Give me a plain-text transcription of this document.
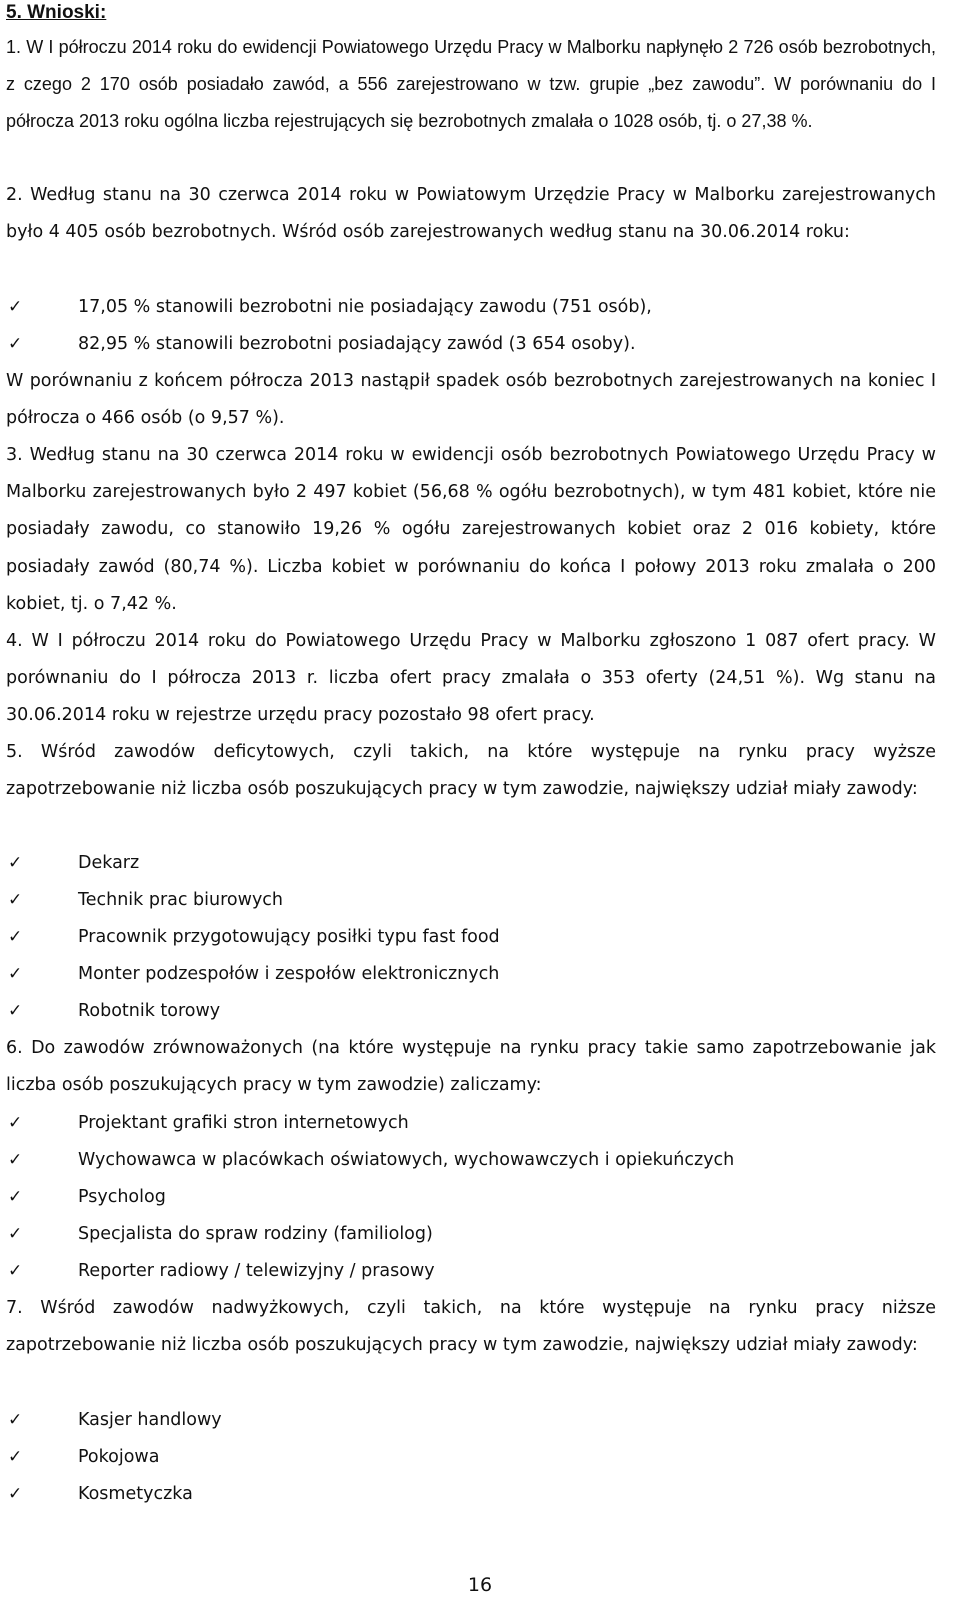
5. Wnioski:

1. W I półroczu 2014 roku do ewidencji Powiatowego Urzędu Pracy w Malborku napłynęło 2 726 osób bezrobotnych, z czego 2 170 osób posiadało zawód, a 556 zarejestrowano w tzw. grupie „bez zawodu”. W porównaniu do I półrocza 2013 roku ogólna liczba rejestrujących się bezrobotnych zmalała o 1028 osób, tj. o 27,38 %.

2. Według stanu na 30 czerwca 2014 roku w Powiatowym Urzędzie Pracy w Malborku zarejestrowanych było 4 405 osób bezrobotnych. Wśród osób zarejestrowanych według stanu na 30.06.2014 roku:

✓	17,05 % stanowili bezrobotni nie posiadający zawodu (751 osób),
✓	82,95 % stanowili bezrobotni posiadający zawód (3 654 osoby).

W porównaniu z końcem półrocza 2013 nastąpił spadek osób bezrobotnych zarejestrowanych na koniec I półrocza o 466 osób (o 9,57 %).

3. Według stanu na 30 czerwca 2014 roku w ewidencji osób bezrobotnych Powiatowego Urzędu Pracy w Malborku zarejestrowanych było 2 497 kobiet (56,68 % ogółu bezrobotnych), w tym 481 kobiet, które nie posiadały zawodu, co stanowiło 19,26 % ogółu zarejestrowanych kobiet oraz 2 016 kobiety, które posiadały zawód (80,74 %). Liczba kobiet w porównaniu do końca I połowy 2013 roku zmalała o 200 kobiet, tj. o 7,42 %.

4. W I półroczu 2014 roku do Powiatowego Urzędu Pracy w Malborku zgłoszono 1 087 ofert pracy. W porównaniu do I półrocza 2013 r. liczba ofert pracy zmalała o 353 oferty (24,51 %). Wg stanu na 30.06.2014 roku w rejestrze urzędu pracy pozostało 98 ofert pracy.

5. Wśród zawodów deficytowych, czyli takich, na które występuje na rynku pracy wyższe zapotrzebowanie niż liczba osób poszukujących pracy w tym zawodzie, największy udział miały zawody:

✓	Dekarz
✓	Technik prac biurowych
✓	Pracownik przygotowujący posiłki typu fast food
✓	Monter podzespołów i zespołów elektronicznych
✓	Robotnik torowy

6. Do zawodów zrównoważonych (na które występuje na rynku pracy takie samo zapotrzebowanie jak liczba osób poszukujących pracy w tym zawodzie) zaliczamy:

✓	Projektant grafiki stron internetowych
✓	Wychowawca w placówkach oświatowych, wychowawczych i opiekuńczych
✓	Psycholog
✓	Specjalista do spraw rodziny (familiolog)
✓	Reporter radiowy / telewizyjny / prasowy

7. Wśród zawodów nadwyżkowych, czyli takich, na które występuje na rynku pracy niższe zapotrzebowanie niż liczba osób poszukujących pracy w tym zawodzie, największy udział miały zawody:

✓	Kasjer handlowy
✓	Pokojowa
✓	Kosmetyczka
16
